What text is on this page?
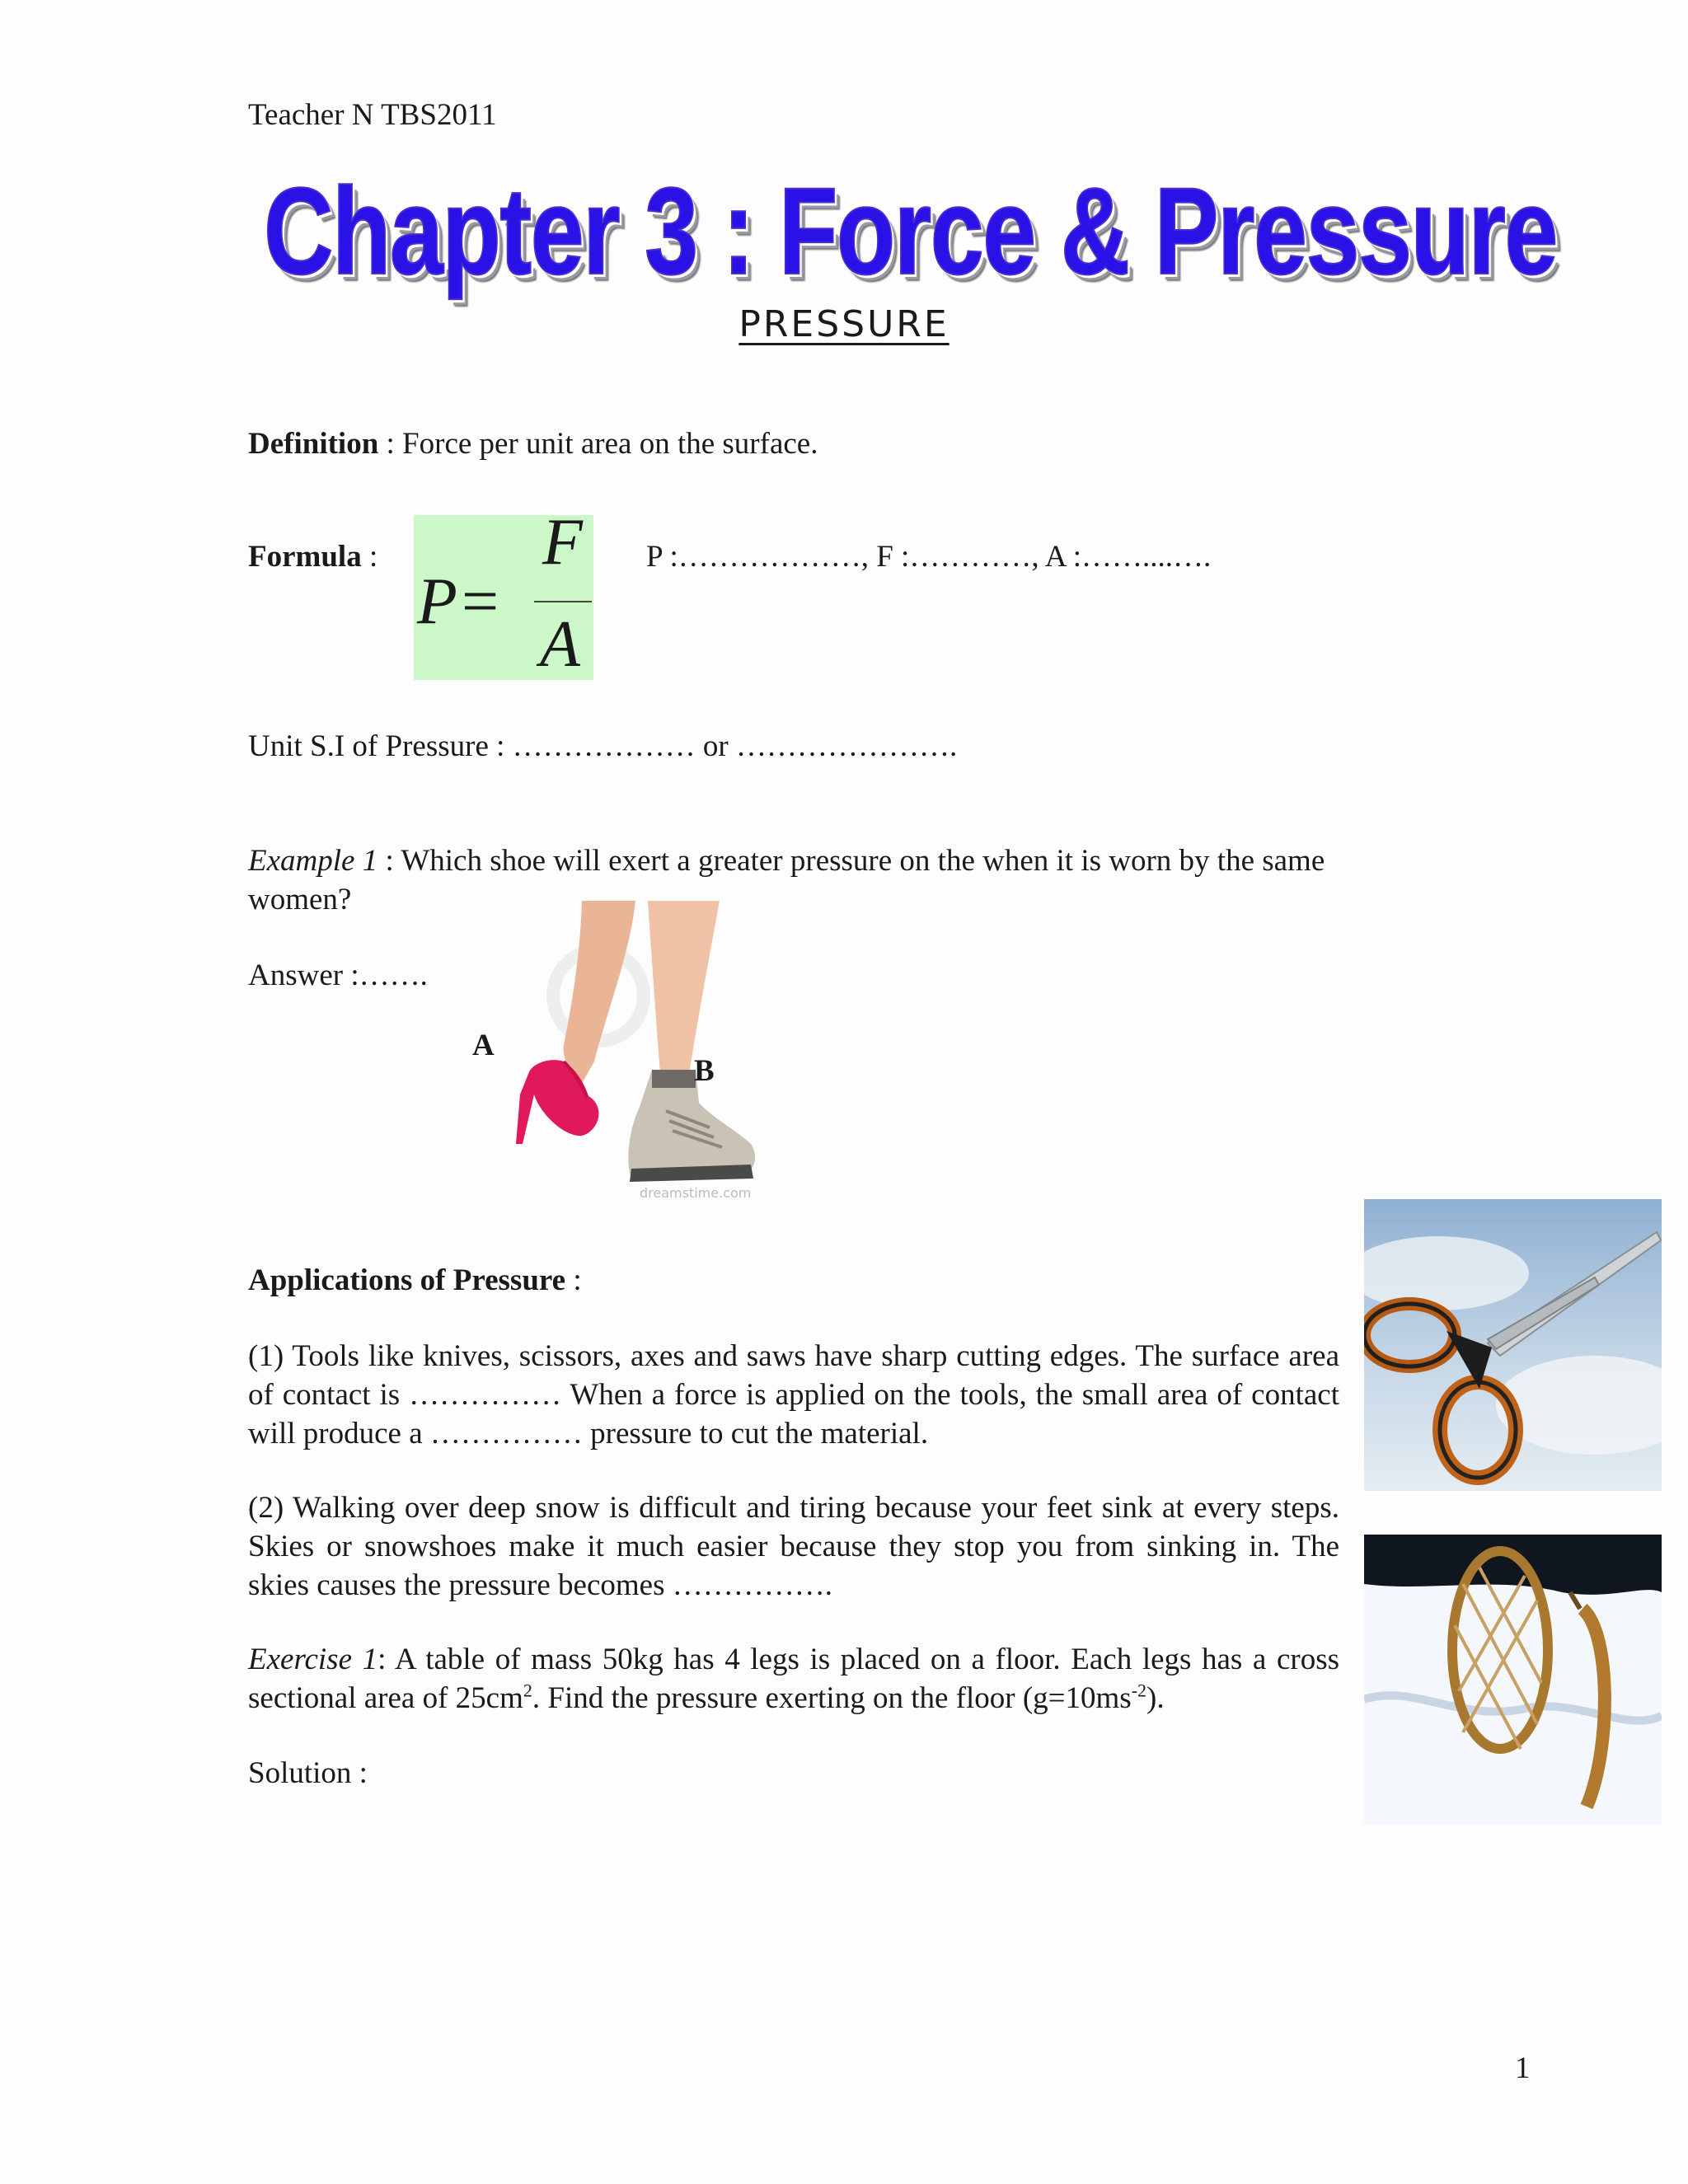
Teacher N TBS2011
Chapter 3 : Force & Pressure
PRESSURE
Definition : Force per unit area on the surface.
Formula :
P =
F
A
P :………………, F :…………, A :……....….
Unit S.I of Pressure : ……………… or ………………….
Example 1 : Which shoe will exert a greater pressure on the when it is worn by the same women?
Answer :…….
dreamstime.com
A
B
Applications of Pressure :
(1) Tools like knives, scissors, axes and saws have sharp cutting edges. The surface area of contact is …………… When a force is applied on the tools, the small area of contact will produce a …………… pressure to cut the material.
(2) Walking over deep snow is difficult and tiring because your feet sink at every steps. Skies or snowshoes make it much easier because they stop you from sinking in. The skies causes the pressure becomes …………….
Exercise 1: A table of mass 50kg has 4 legs is placed on a floor. Each legs has a cross sectional area of $25cm^2$. Find the pressure exerting on the floor $(g=10ms^{-2})$.
Solution :
1
